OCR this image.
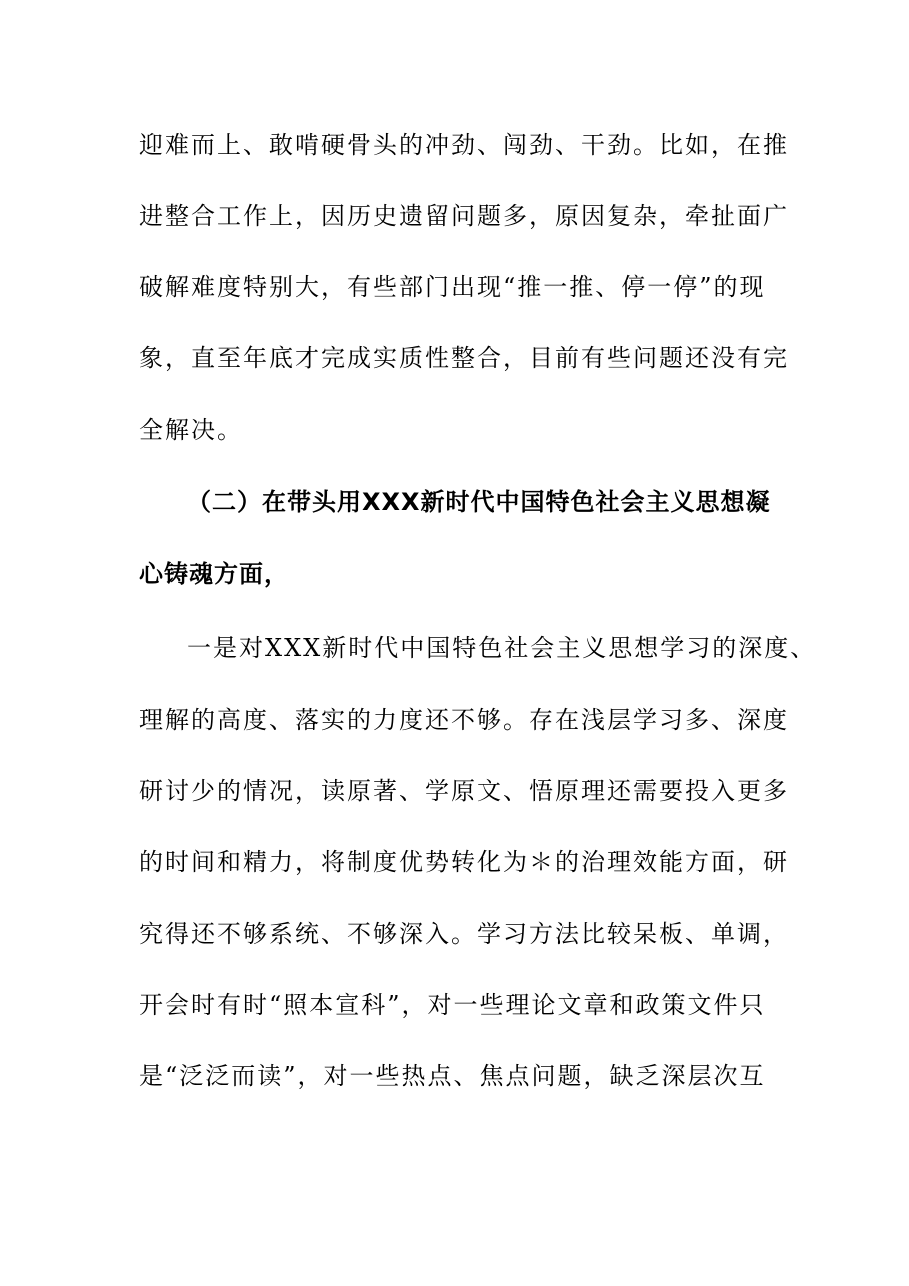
迎难而上、敢啃硬骨头的冲劲、闯劲、干劲。比如，在推
进整合工作上，因历史遗留问题多，原因复杂，牵扯面广
破解难度特别大，有些部门出现“推一推、停一停”的现
象，直至年底才完成实质性整合，目前有些问题还没有完
全解决。
（二）在带头用XXX新时代中国特色社会主义思想凝
心铸魂方面，
一是对XXX新时代中国特色社会主义思想学习的深度、
理解的高度、落实的力度还不够。存在浅层学习多、深度
研讨少的情况，读原著、学原文、悟原理还需要投入更多
的时间和精力，将制度优势转化为＊的治理效能方面，研
究得还不够系统、不够深入。学习方法比较呆板、单调，
开会时有时“照本宣科”，对一些理论文章和政策文件只
是“泛泛而读”，对一些热点、焦点问题，缺乏深层次互
